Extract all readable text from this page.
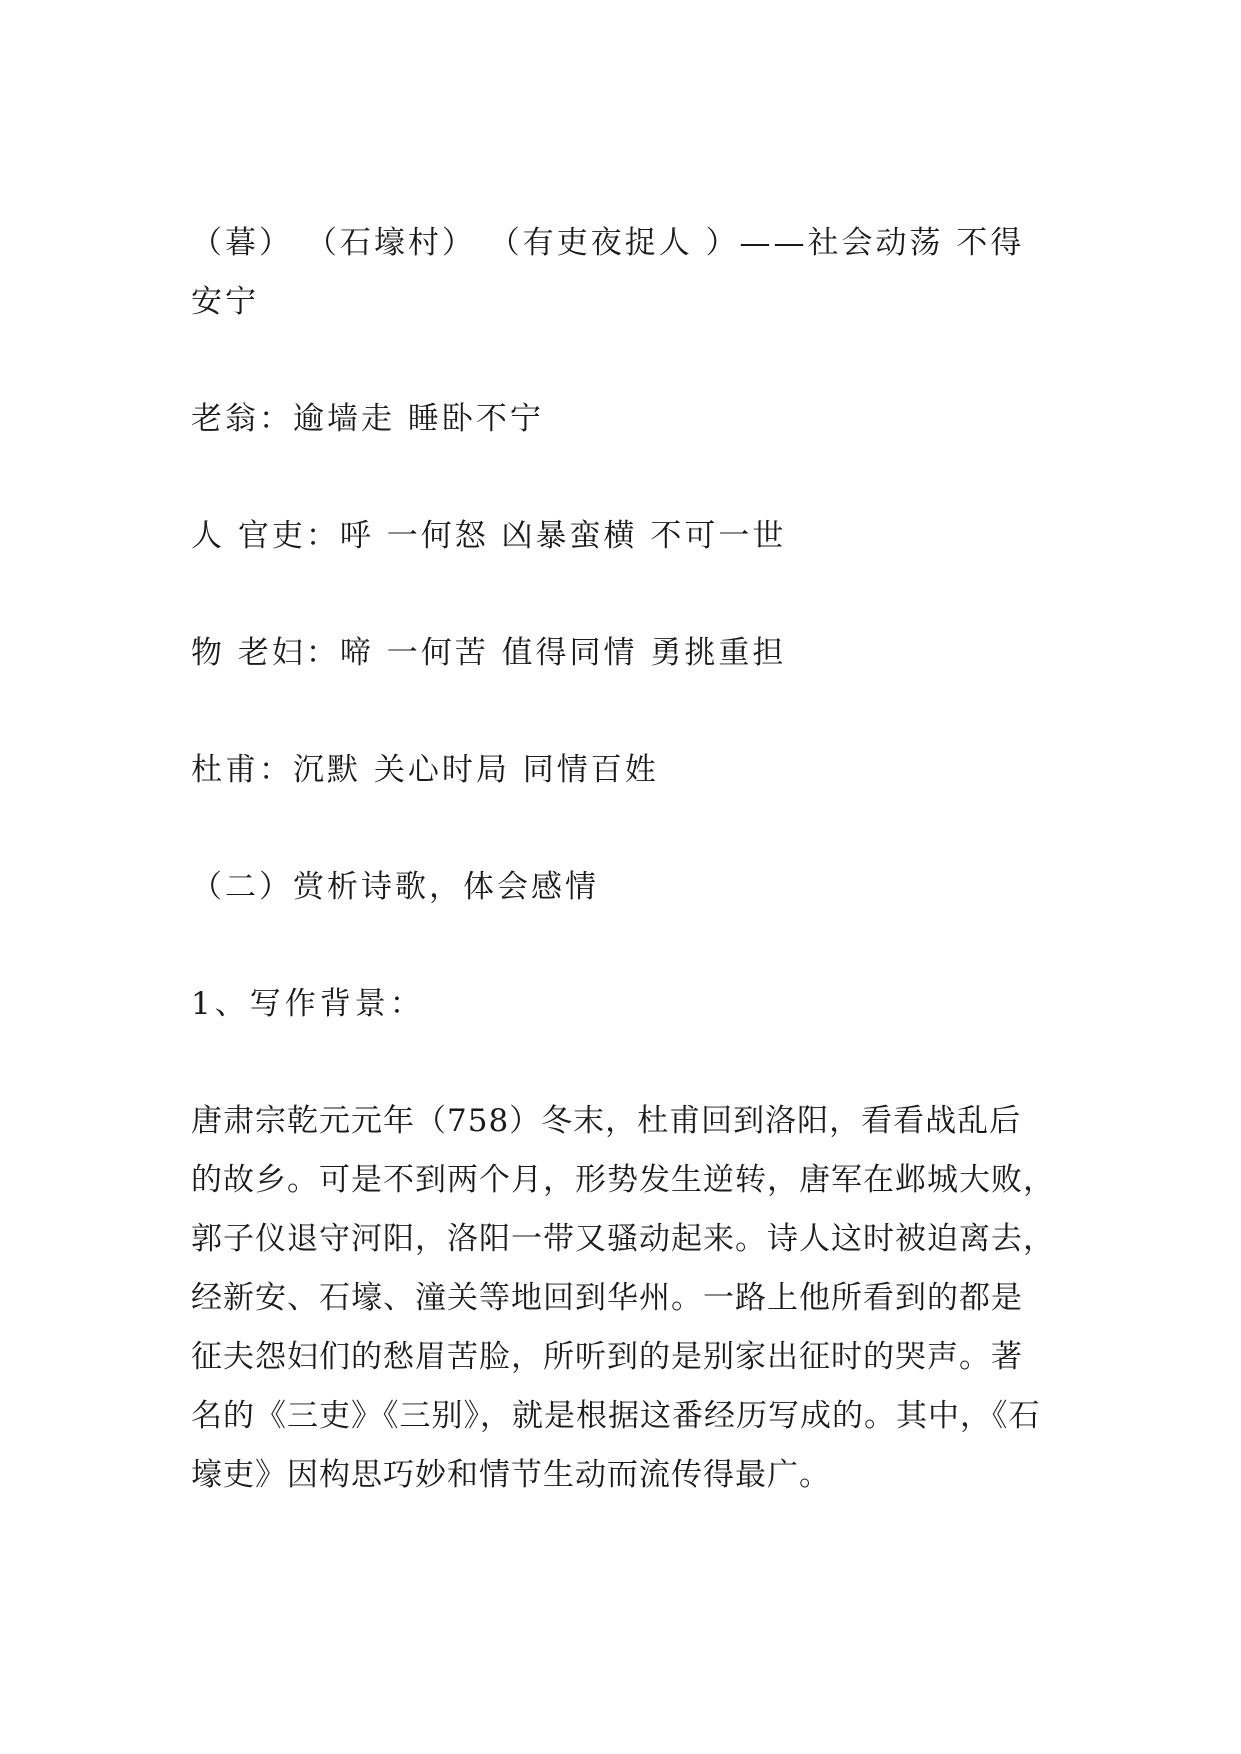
（暮） （石壕村） （有吏夜捉人 ）——社会动荡 不得
安宁
老翁：逾墙走 睡卧不宁
人 官吏：呼 一何怒 凶暴蛮横 不可一世
物 老妇：啼 一何苦 值得同情 勇挑重担
杜甫：沉默 关心时局 同情百姓
（二）赏析诗歌，体会感情
1、写作背景：
唐肃宗乾元元年（758）冬末，杜甫回到洛阳，看看战乱后
的故乡。可是不到两个月，形势发生逆转，唐军在邺城大败，
郭子仪退守河阳，洛阳一带又骚动起来。诗人这时被迫离去，
经新安、石壕、潼关等地回到华州。一路上他所看到的都是
征夫怨妇们的愁眉苦脸，所听到的是别家出征时的哭声。著
名的《三吏》《三别》，就是根据这番经历写成的。其中，《石
壕吏》因构思巧妙和情节生动而流传得最广。
